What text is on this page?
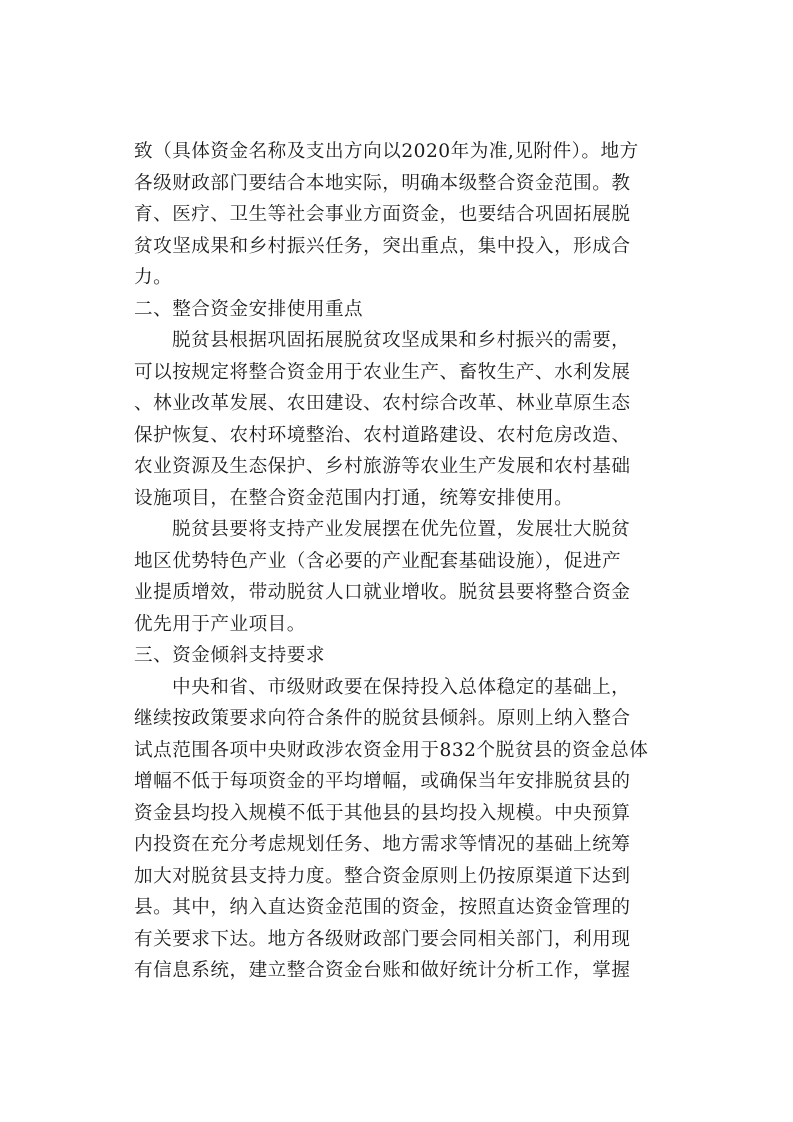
致（具体资金名称及支出方向以2020年为准,见附件）。地方
各级财政部门要结合本地实际，明确本级整合资金范围。教
育、医疗、卫生等社会事业方面资金，也要结合巩固拓展脱
贫攻坚成果和乡村振兴任务，突出重点，集中投入，形成合
力。
二、整合资金安排使用重点
脱贫县根据巩固拓展脱贫攻坚成果和乡村振兴的需要，
可以按规定将整合资金用于农业生产、畜牧生产、水利发展
、林业改革发展、农田建设、农村综合改革、林业草原生态
保护恢复、农村环境整治、农村道路建设、农村危房改造、
农业资源及生态保护、乡村旅游等农业生产发展和农村基础
设施项目，在整合资金范围内打通，统筹安排使用。
脱贫县要将支持产业发展摆在优先位置，发展壮大脱贫
地区优势特色产业（含必要的产业配套基础设施），促进产
业提质增效，带动脱贫人口就业增收。脱贫县要将整合资金
优先用于产业项目。
三、资金倾斜支持要求
中央和省、市级财政要在保持投入总体稳定的基础上，
继续按政策要求向符合条件的脱贫县倾斜。原则上纳入整合
试点范围各项中央财政涉农资金用于832个脱贫县的资金总体
增幅不低于每项资金的平均增幅，或确保当年安排脱贫县的
资金县均投入规模不低于其他县的县均投入规模。中央预算
内投资在充分考虑规划任务、地方需求等情况的基础上统筹
加大对脱贫县支持力度。整合资金原则上仍按原渠道下达到
县。其中，纳入直达资金范围的资金，按照直达资金管理的
有关要求下达。地方各级财政部门要会同相关部门，利用现
有信息系统，建立整合资金台账和做好统计分析工作，掌握
